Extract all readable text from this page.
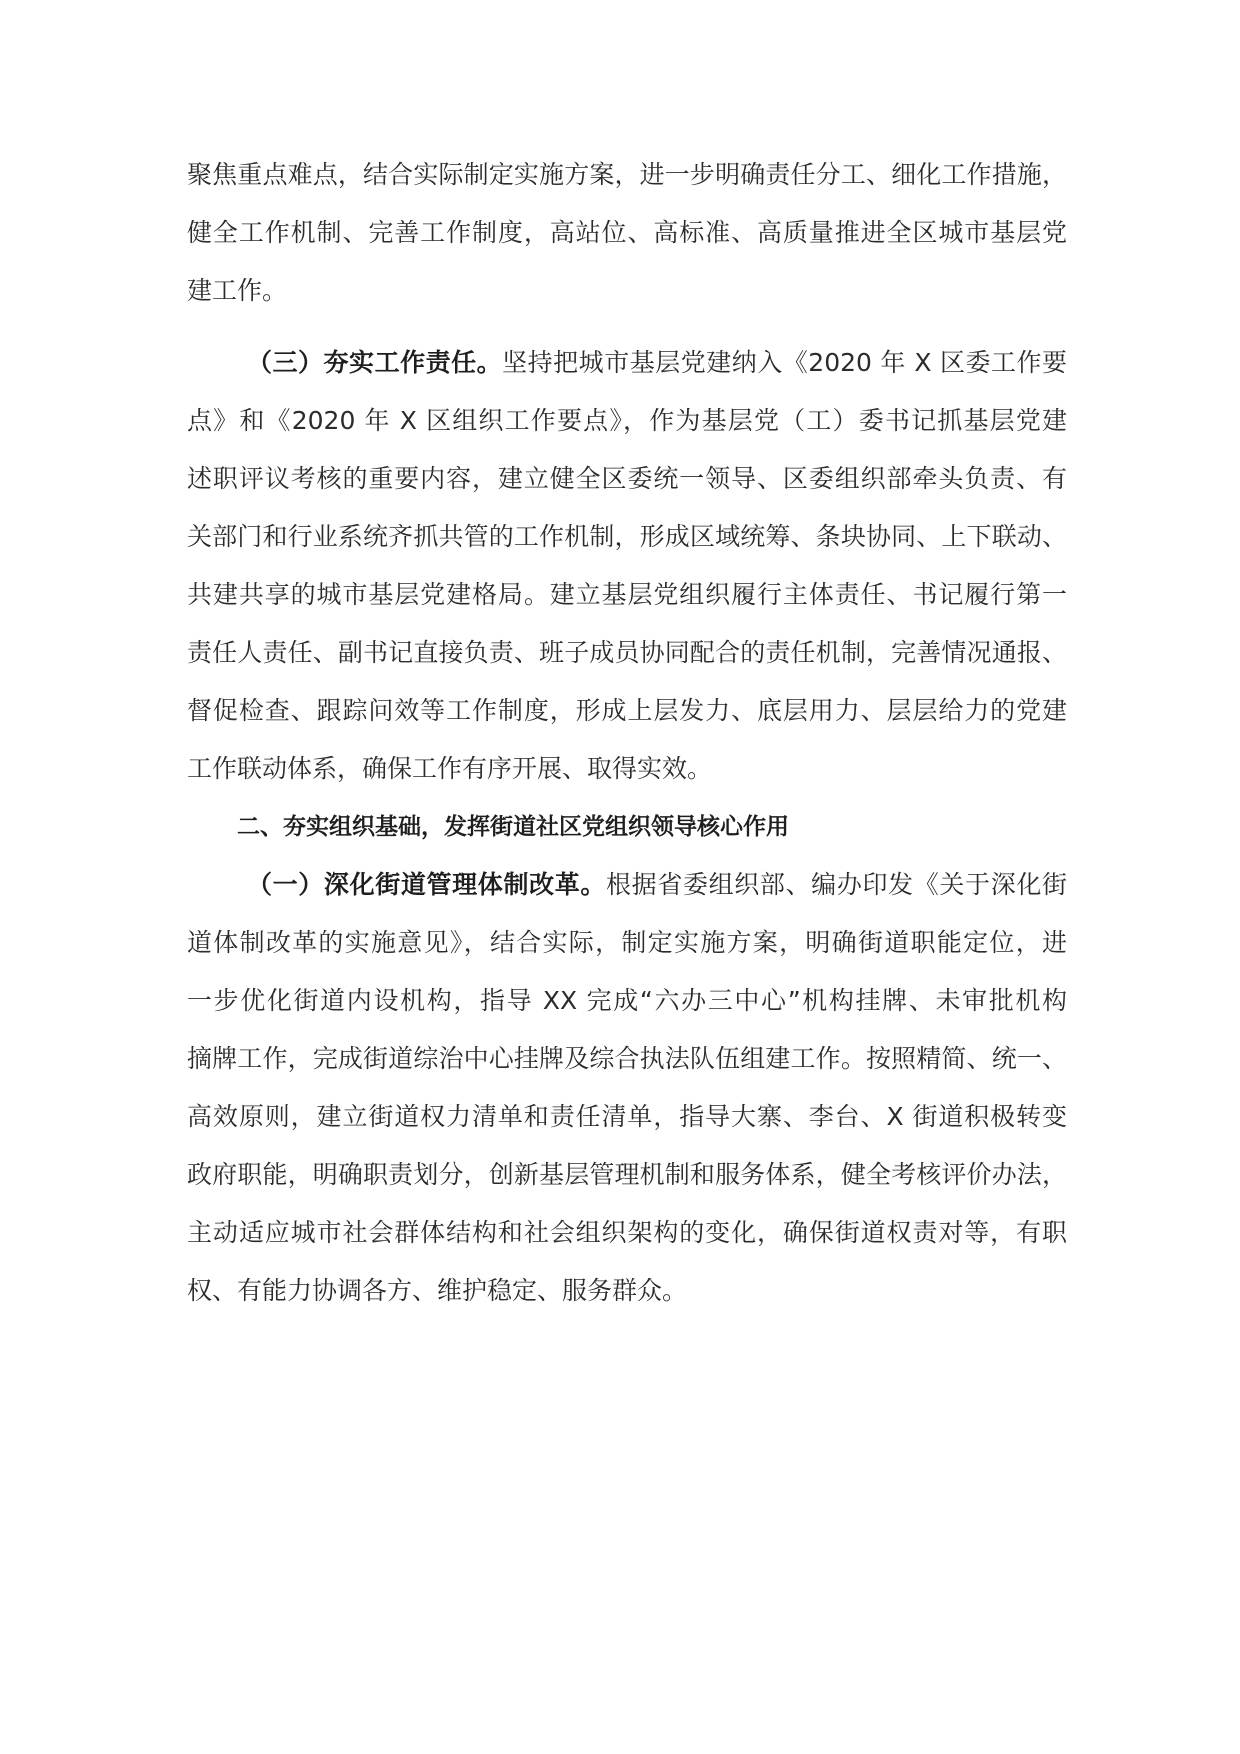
聚焦重点难点，结合实际制定实施方案，进一步明确责任分工、细化工作措施，
健全工作机制、完善工作制度，高站位、高标准、高质量推进全区城市基层党
建工作。
（三）夯实工作责任。坚持把城市基层党建纳入《2020 年 X 区委工作要
点》和《2020 年 X 区组织工作要点》，作为基层党（工）委书记抓基层党建
述职评议考核的重要内容，建立健全区委统一领导、区委组织部牵头负责、有
关部门和行业系统齐抓共管的工作机制，形成区域统筹、条块协同、上下联动、
共建共享的城市基层党建格局。建立基层党组织履行主体责任、书记履行第一
责任人责任、副书记直接负责、班子成员协同配合的责任机制，完善情况通报、
督促检查、跟踪问效等工作制度，形成上层发力、底层用力、层层给力的党建
工作联动体系，确保工作有序开展、取得实效。
二、夯实组织基础，发挥街道社区党组织领导核心作用
（一）深化街道管理体制改革。根据省委组织部、编办印发《关于深化街
道体制改革的实施意见》，结合实际，制定实施方案，明确街道职能定位，进
一步优化街道内设机构，指导 XX 完成“六办三中心”机构挂牌、未审批机构
摘牌工作，完成街道综治中心挂牌及综合执法队伍组建工作。按照精简、统一、
高效原则，建立街道权力清单和责任清单，指导大寨、李台、X 街道积极转变
政府职能，明确职责划分，创新基层管理机制和服务体系，健全考核评价办法，
主动适应城市社会群体结构和社会组织架构的变化，确保街道权责对等，有职
权、有能力协调各方、维护稳定、服务群众。
